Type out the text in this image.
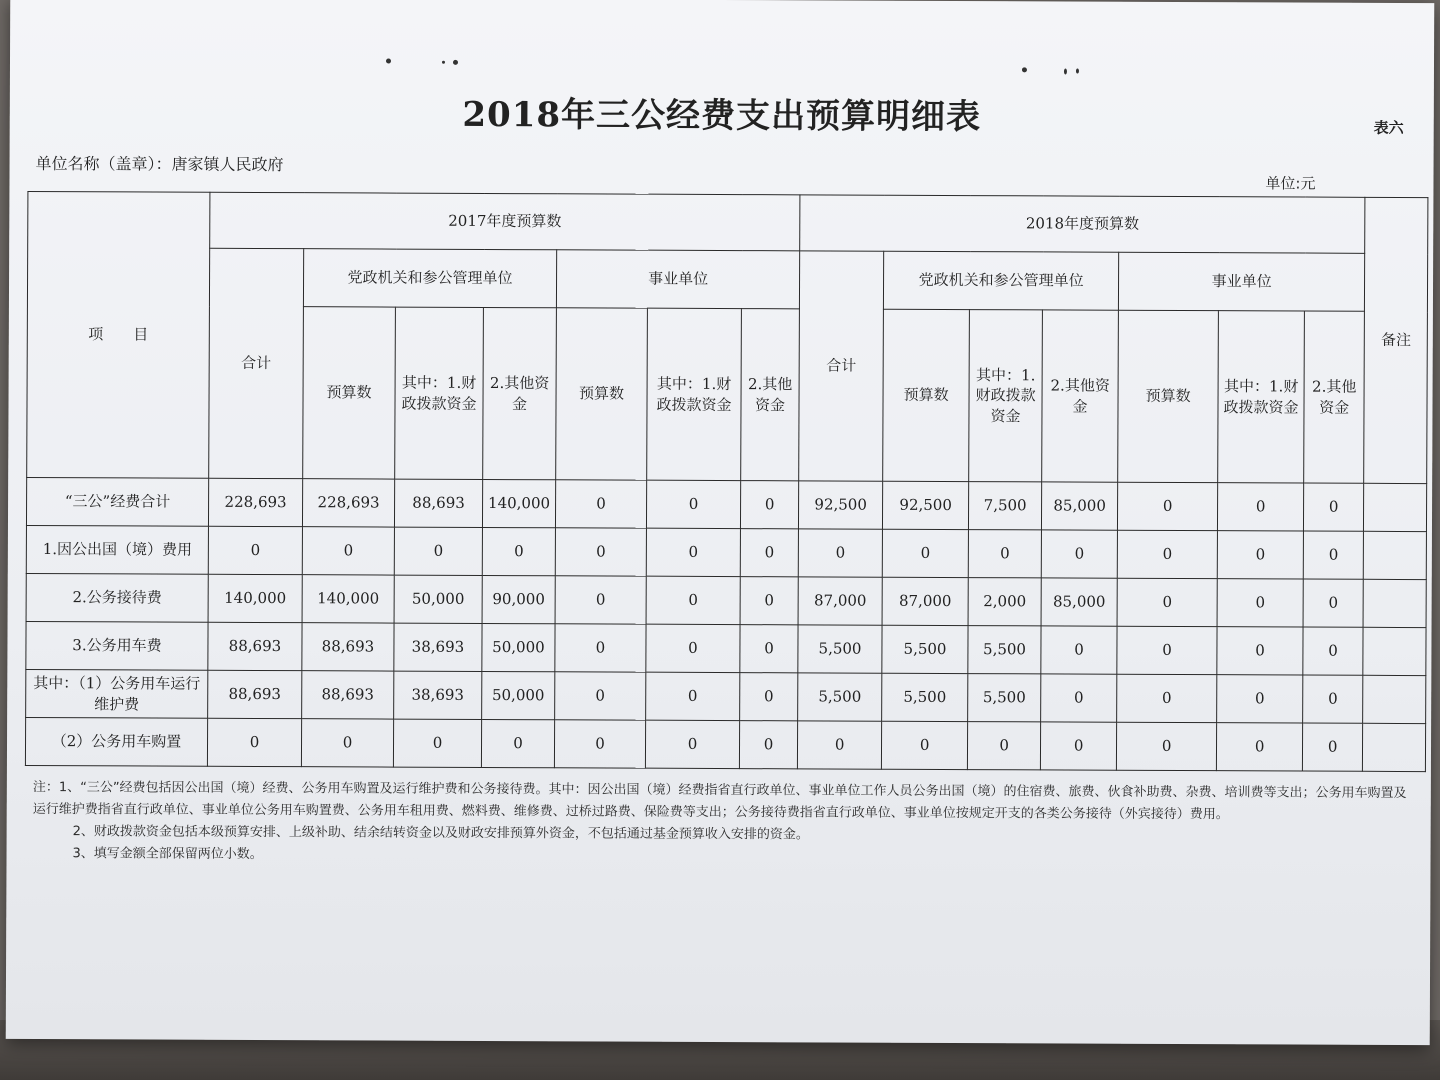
2018年三公经费支出预算明细表	表六
单位名称（盖章）：唐家镇人民政府
单位:元
项　　目	2017年度预算数							2018年度预算数							备注
	合计	党政机关和参公管理单位			事业单位			合计	党政机关和参公管理单位			事业单位			
		预算数	其中：1.财政拨款资金	2.其他资金	预算数	其中：1.财政拨款资金	2.其他资金		预算数	其中：1.财政拨款资金	2.其他资金	预算数	其中：1.财政拨款资金	2.其他资金	
“三公”经费合计	228,693	228,693	88,693	140,000	0	0	0	92,500	92,500	7,500	85,000	0	0	0	
1.因公出国（境）费用	0	0	0	0	0	0	0	0	0	0	0	0	0	0	
2.公务接待费	140,000	140,000	50,000	90,000	0	0	0	87,000	87,000	2,000	85,000	0	0	0	
3.公务用车费	88,693	88,693	38,693	50,000	0	0	0	5,500	5,500	5,500	0	0	0	0	
其中：（1）公务用车运行维护费	88,693	88,693	38,693	50,000	0	0	0	5,500	5,500	5,500	0	0	0	0	
（2）公务用车购置	0	0	0	0	0	0	0	0	0	0	0	0	0	0	

注：1、“三公”经费包括因公出国（境）经费、公务用车购置及运行维护费和公务接待费。其中：因公出国（境）经费指省直行政单位、事业单位工作人员公务出国（境）的住宿费、旅费、伙食补助费、杂费、培训费等支出；公务用车购置及运行维护费指省直行政单位、事业单位公务用车购置费、公务用车租用费、燃料费、维修费、过桥过路费、保险费等支出；公务接待费指省直行政单位、事业单位按规定开支的各类公务接待（外宾接待）费用。

2、财政拨款资金包括本级预算安排、上级补助、结余结转资金以及财政安排预算外资金，不包括通过基金预算收入安排的资金。

3、填写金额全部保留两位小数。
